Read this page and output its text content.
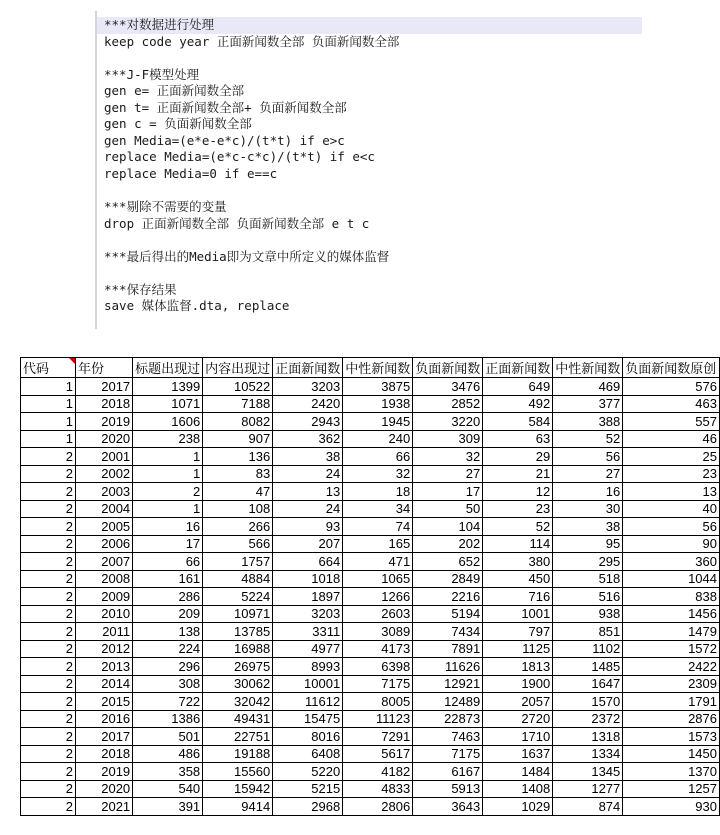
***对数据进行处理
keep code year 正面新闻数全部 负面新闻数全部
***J-F模型处理
gen e= 正面新闻数全部
gen t= 正面新闻数全部+ 负面新闻数全部
gen c = 负面新闻数全部
gen Media=(e*e-e*c)/(t*t) if e>c
replace Media=(e*c-c*c)/(t*t) if e<c
replace Media=0 if e==c
***剔除不需要的变量
drop 正面新闻数全部 负面新闻数全部 e t c
***最后得出的Media即为文章中所定义的媒体监督
***保存结果
save 媒体监督.dta, replace
代码	年份	标题出现过	内容出现过	正面新闻数	中性新闻数	负面新闻数	正面新闻数	中性新闻数	负面新闻数原创
1	2017	1399	10522	3203	3875	3476	649	469	576
1	2018	1071	7188	2420	1938	2852	492	377	463
1	2019	1606	8082	2943	1945	3220	584	388	557
1	2020	238	907	362	240	309	63	52	46
2	2001	1	136	38	66	32	29	56	25
2	2002	1	83	24	32	27	21	27	23
2	2003	2	47	13	18	17	12	16	13
2	2004	1	108	24	34	50	23	30	40
2	2005	16	266	93	74	104	52	38	56
2	2006	17	566	207	165	202	114	95	90
2	2007	66	1757	664	471	652	380	295	360
2	2008	161	4884	1018	1065	2849	450	518	1044
2	2009	286	5224	1897	1266	2216	716	516	838
2	2010	209	10971	3203	2603	5194	1001	938	1456
2	2011	138	13785	3311	3089	7434	797	851	1479
2	2012	224	16988	4977	4173	7891	1125	1102	1572
2	2013	296	26975	8993	6398	11626	1813	1485	2422
2	2014	308	30062	10001	7175	12921	1900	1647	2309
2	2015	722	32042	11612	8005	12489	2057	1570	1791
2	2016	1386	49431	15475	11123	22873	2720	2372	2876
2	2017	501	22751	8016	7291	7463	1710	1318	1573
2	2018	486	19188	6408	5617	7175	1637	1334	1450
2	2019	358	15560	5220	4182	6167	1484	1345	1370
2	2020	540	15942	5215	4833	5913	1408	1277	1257
2	2021	391	9414	2968	2806	3643	1029	874	930
